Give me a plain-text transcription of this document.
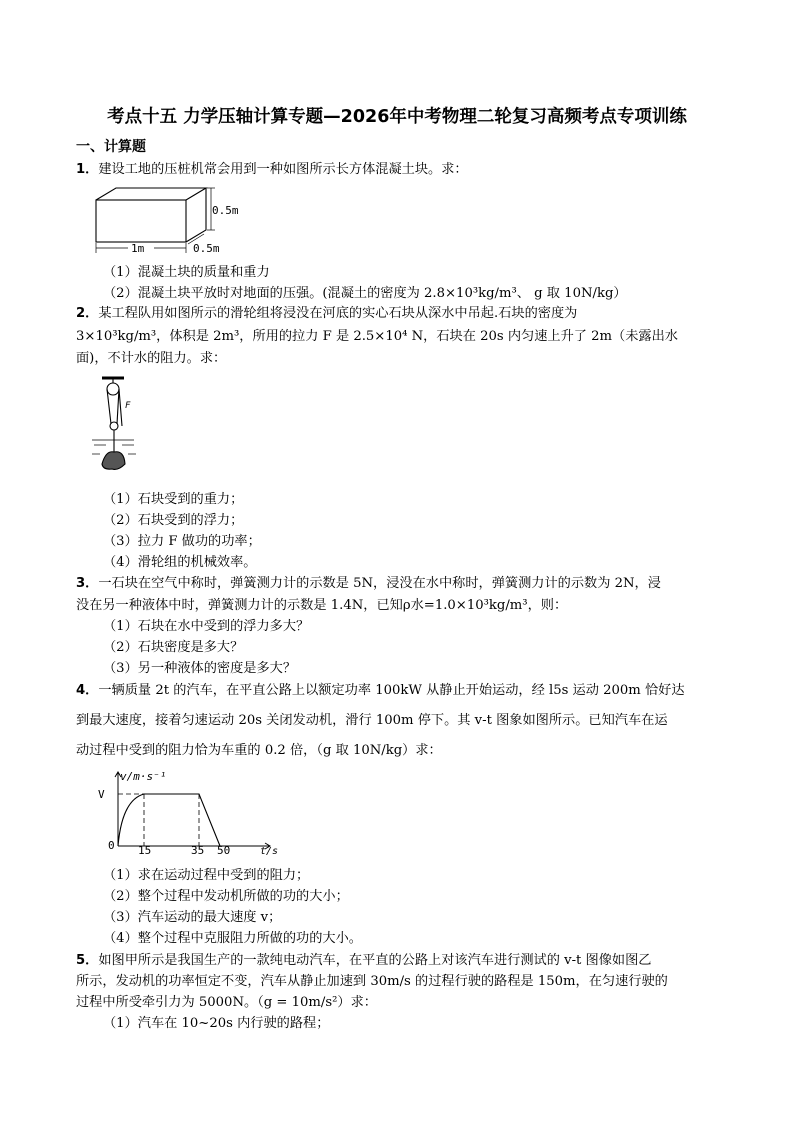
考点十五 力学压轴计算专题—2026年中考物理二轮复习高频考点专项训练
一、计算题
1．建设工地的压桩机常会用到一种如图所示长方体混凝土块。求：
0.5m
1m	0.5m
（1）混凝土块的质量和重力
（2）混凝土块平放时对地面的压强。(混凝土的密度为 2.8×10³kg/m³、 g 取 10N/kg）
2．某工程队用如图所示的滑轮组将浸没在河底的实心石块从深水中吊起.石块的密度为
3×10³kg/m³，体积是 2m³，所用的拉力 F 是 2.5×10⁴ N，石块在 20s 内匀速上升了 2m（未露出水
面)，不计水的阻力。求：
F
（1）石块受到的重力；
（2）石块受到的浮力；
（3）拉力 F 做功的功率；
（4）滑轮组的机械效率。
3．一石块在空气中称时，弹簧测力计的示数是 5N，浸没在水中称时，弹簧测力计的示数为 2N，浸
没在另一种液体中时，弹簧测力计的示数是 1.4N，已知ρ水=1.0×10³kg/m³，则：
（1）石块在水中受到的浮力多大？
（2）石块密度是多大？
（3）另一种液体的密度是多大？
4．一辆质量 2t 的汽车，在平直公路上以额定功率 100kW 从静止开始运动，经 l5s 运动 200m 恰好达
到最大速度，接着匀速运动 20s 关闭发动机，滑行 100m 停下。其 v-t 图象如图所示。已知汽车在运
动过程中受到的阻力恰为车重的 0.2 倍，（g 取 10N/kg）求：
v/m·s⁻¹
t/s
V
0 15	35 50
（1）求在运动过程中受到的阻力；
（2）整个过程中发动机所做的功的大小；
（3）汽车运动的最大速度 v；
（4）整个过程中克服阻力所做的功的大小。
5．如图甲所示是我国生产的一款纯电动汽车，在平直的公路上对该汽车进行测试的 v-t 图像如图乙
所示，发动机的功率恒定不变，汽车从静止加速到 30m/s 的过程行驶的路程是 150m，在匀速行驶的
过程中所受牵引力为 5000N。（g = 10m/s²）求：
（1）汽车在 10~20s 内行驶的路程；
